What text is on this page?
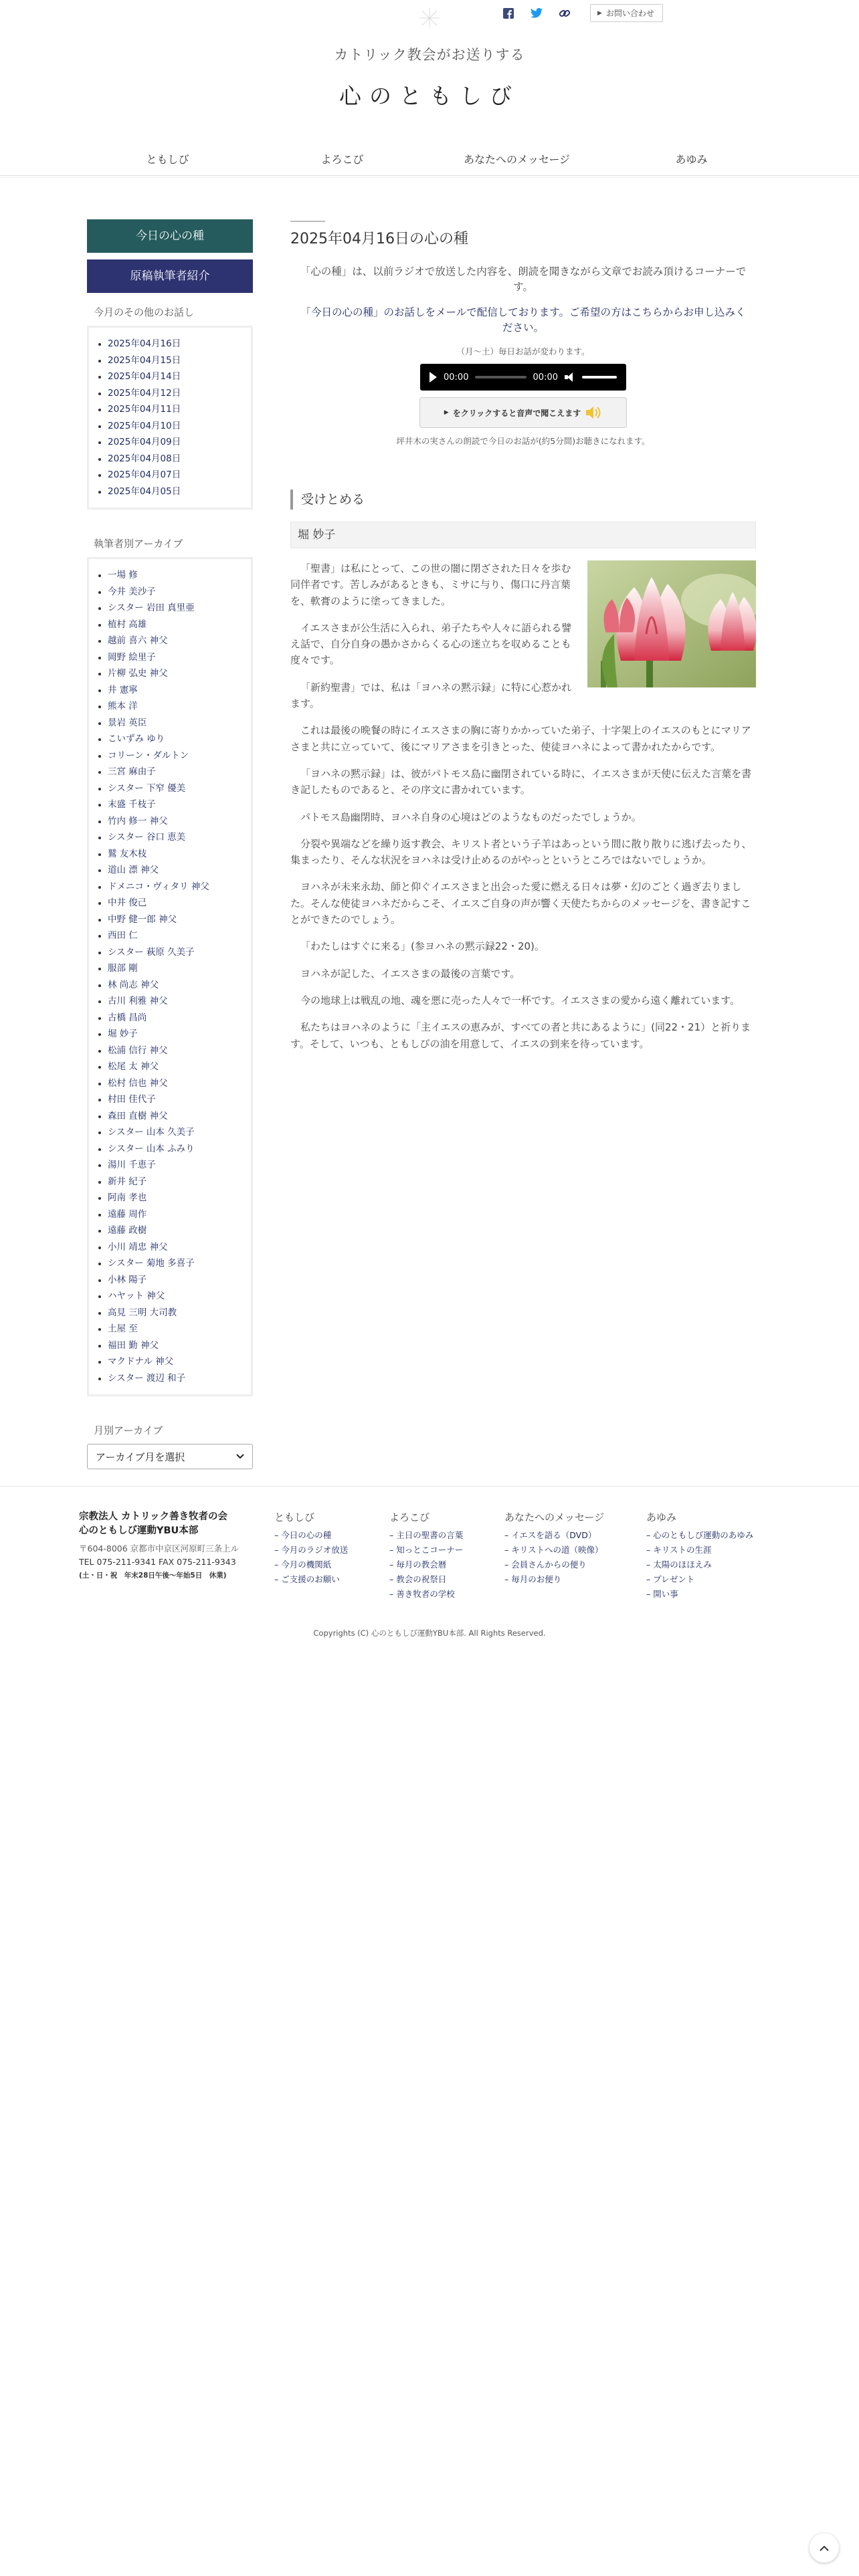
▶ お問い合わせ
カトリック教会がお送りする
心のともしび
ともしび	よろこび	あなたへのメッセージ	あゆみ
今日の心の種
原稿執筆者紹介
今月のその他のお話し
2025年04月16日
2025年04月15日
2025年04月14日
2025年04月12日
2025年04月11日
2025年04月10日
2025年04月09日
2025年04月08日
2025年04月07日
2025年04月05日
執筆者別アーカイブ
一場 修
今井 美沙子
シスター 岩田 真里亜
植村 高雄
越前 喜六 神父
岡野 絵里子
片柳 弘史 神父
井 憲寧
熊本 洋
景岩 英臣
こいずみ ゆり
コリーン・ダルトン
三宮 麻由子
シスター 下窄 優美
末盛 千枝子
竹内 修一 神父
シスター 谷口 恵美
鷲 友木枝
道山 漂 神父
ドメニコ・ヴィタリ 神父
中井 俊己
中野 健一郎 神父
西田 仁
シスター 萩原 久美子
服部 剛
林 尚志 神父
古川 利雅 神父
古橋 昌尚
堀 妙子
松浦 信行 神父
松尾 太 神父
松村 信也 神父
村田 佳代子
森田 直樹 神父
シスター 山本 久美子
シスター 山本 ふみり
湯川 千恵子
新井 紀子
阿南 孝也
遠藤 周作
遠藤 政樹
小川 靖忠 神父
シスター 菊地 多喜子
小林 陽子
ハヤット 神父
高見 三明 大司教
土屋 至
福田 勤 神父
マクドナル 神父
シスター 渡辺 和子
月別アーカイブ
アーカイブ月を選択
2025年04月16日の心の種

「心の種」は、以前ラジオで放送した内容を、朗読を聞きながら文章でお読み頂けるコーナーです。

「今日の心の種」のお話しをメールで配信しております。ご希望の方はこちらからお申し込みください。

（月〜土）毎日お話が変わります。
00:00	00:00
▶ をクリックすると音声で聞こえます
坪井木の実さんの朗読で今日のお話が(約5分間)お聴きになれます。
受けとめる
堀 妙子

「聖書」は私にとって、この世の闇に閉ざされた日々を歩む同伴者です。苦しみがあるときも、ミサに与り、傷口に丹言葉を、軟膏のように塗ってきました。

イエスさまが公生活に入られ、弟子たちや人々に語られる譬え話で、自分自身の愚かさからくる心の迷立ちを収めることも度々です。

「新約聖書」では、私は「ヨハネの黙示録」に特に心惹かれます。

これは最後の晩餐の時にイエスさまの胸に寄りかかっていた弟子、十字架上のイエスのもとにマリアさまと共に立っていて、後にマリアさまを引きとった、使徒ヨハネによって書かれたからです。

「ヨハネの黙示録」は、彼がパトモス島に幽閉されている時に、イエスさまが天使に伝えた言葉を書き記したものであると、その序文に書かれています。

パトモス島幽閉時、ヨハネ自身の心境はどのようなものだったでしょうか。

分裂や異端などを繰り返す教会、キリスト者という子羊はあっという間に散り散りに逃げ去ったり、集まったり、そんな状況をヨハネは受け止めるのがやっとというところではないでしょうか。

ヨハネが未来永劫、師と仰ぐイエスさまと出会った愛に燃える日々は夢・幻のごとく過ぎ去りました。そんな使徒ヨハネだからこそ、イエスご自身の声が響く天使たちからのメッセージを、書き記すことができたのでしょう。

「わたしはすぐに来る」(参ヨハネの黙示録22・20)。

ヨハネが記した、イエスさまの最後の言葉です。

今の地球上は戦乱の地、魂を悪に売った人々で一杯です。イエスさまの愛から遠く離れています。

私たちはヨハネのように「主イエスの恵みが、すべての者と共にあるように」(同22・21）と祈ります。そして、いつも、ともしびの油を用意して、イエスの到来を待っています。

宗教法人 カトリック善き牧者の会
心のともしび運動YBU本部
〒604-8006 京都市中京区河原町三条上ル
TEL 075-211-9341 FAX 075-211-9343
(土・日・祝　年末28日午後〜年始5日　休業)
ともしび
– 今日の心の種
– 今月のラジオ放送
– 今月の機関紙
– ご支援のお願い
よろこび
– 主日の聖書の言葉
– 知っとこコーナー
– 毎月の教会暦
– 教会の祝祭日
– 善き牧者の学校
あなたへのメッセージ
– イエスを語る（DVD）
– キリストへの道（映像）
– 会員さんからの便り
– 毎月のお便り
あゆみ
– 心のともしび運動のあゆみ
– キリストの生涯
– 太陽のほほえみ
– プレゼント
– 開い事
Copyrights (C) 心のともしび運動YBU本部. All Rights Reserved.
